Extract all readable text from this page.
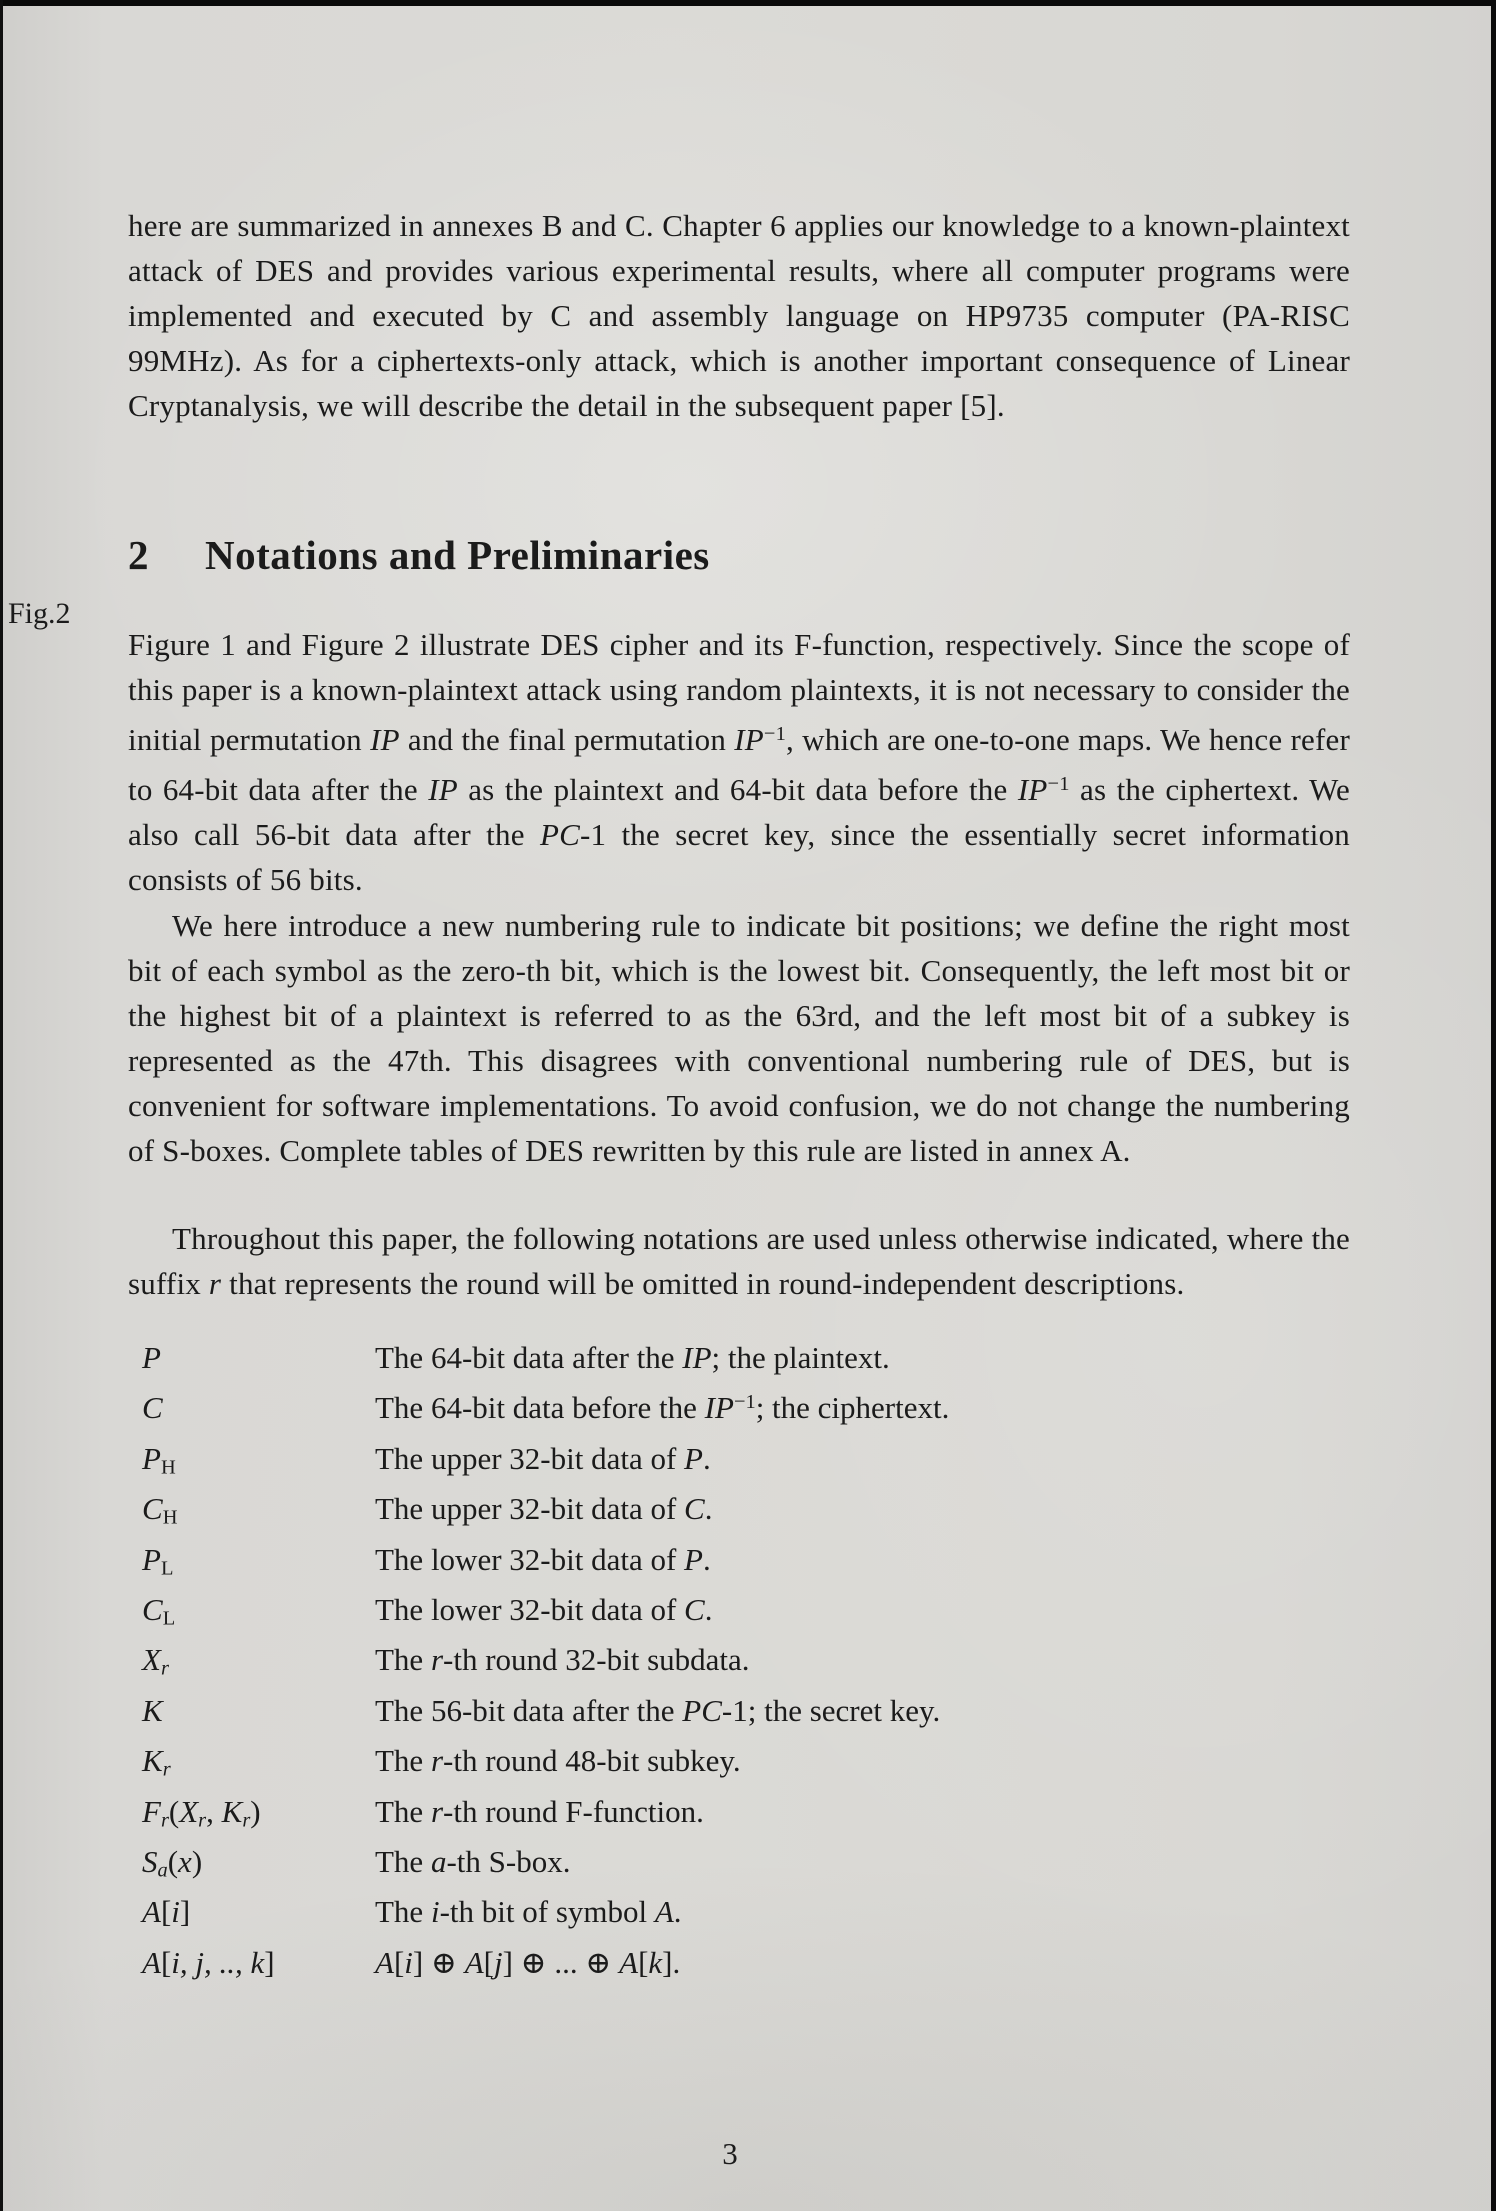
here are summarized in annexes B and C. Chapter 6 applies our knowledge to a known-plaintext attack of DES and provides various experimental results, where all computer programs were implemented and executed by C and assembly language on HP9735 computer (PA-RISC 99MHz). As for a ciphertexts-only attack, which is another important consequence of Linear Cryptanalysis, we will describe the detail in the subsequent paper [5].

2 Notations and Preliminaries
Fig.2

Figure 1 and Figure 2 illustrate DES cipher and its F-function, respectively. Since the scope of this paper is a known-plaintext attack using random plaintexts, it is not necessary to consider the initial permutation IP and the final permutation $IP^{-1}$, which are one-to-one maps. We hence refer to 64-bit data after the IP as the plaintext and 64-bit data before the $IP^{-1}$ as the ciphertext. We also call 56-bit data after the PC-1 the secret key, since the essentially secret information consists of 56 bits.

We here introduce a new numbering rule to indicate bit positions; we define the right most bit of each symbol as the zero-th bit, which is the lowest bit. Consequently, the left most bit or the highest bit of a plaintext is referred to as the 63rd, and the left most bit of a subkey is represented as the 47th. This disagrees with conventional numbering rule of DES, but is convenient for software implementations. To avoid confusion, we do not change the numbering of S-boxes. Complete tables of DES rewritten by this rule are listed in annex A.

Throughout this paper, the following notations are used unless otherwise indicated, where the suffix r that represents the round will be omitted in round-independent descriptions.

P	The 64-bit data after the IP; the plaintext.
C	The 64-bit data before the $IP^{-1}$; the ciphertext.
PH	The upper 32-bit data of P.
CH	The upper 32-bit data of C.
PL	The lower 32-bit data of P.
CL	The lower 32-bit data of C.
Xr	The r-th round 32-bit subdata.
K	The 56-bit data after the PC-1; the secret key.
Kr	The r-th round 48-bit subkey.
Fr(Xr, Kr)	The r-th round F-function.
Sa(x)	The a-th S-box.
A[i]	The i-th bit of symbol A.
A[i, j, .., k]	A[i] ⊕ A[j] ⊕ ... ⊕ A[k].
3
